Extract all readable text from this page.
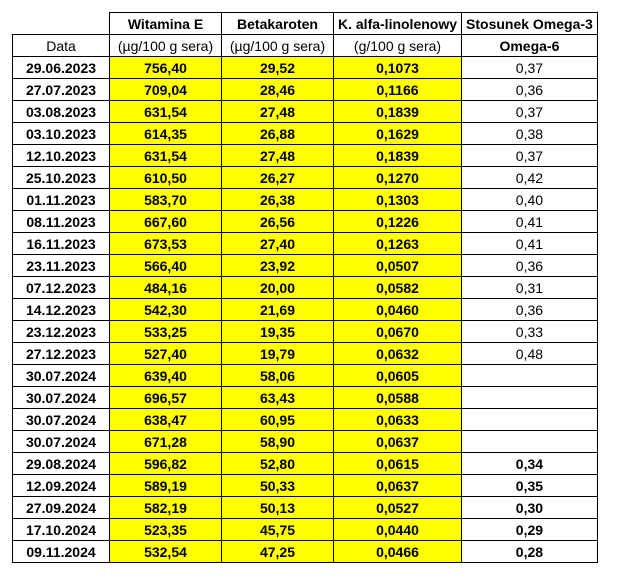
	Witamina E	Betakaroten	K. alfa-linolenowy	Stosunek Omega-3
Data	(µg/100 g sera)	(µg/100 g sera)	(g/100 g sera)	Omega-6
29.06.2023	756,40	29,52	0,1073	0,37
27.07.2023	709,04	28,46	0,1166	0,36
03.08.2023	631,54	27,48	0,1839	0,37
03.10.2023	614,35	26,88	0,1629	0,38
12.10.2023	631,54	27,48	0,1839	0,37
25.10.2023	610,50	26,27	0,1270	0,42
01.11.2023	583,70	26,38	0,1303	0,40
08.11.2023	667,60	26,56	0,1226	0,41
16.11.2023	673,53	27,40	0,1263	0,41
23.11.2023	566,40	23,92	0,0507	0,36
07.12.2023	484,16	20,00	0,0582	0,31
14.12.2023	542,30	21,69	0,0460	0,36
23.12.2023	533,25	19,35	0,0670	0,33
27.12.2023	527,40	19,79	0,0632	0,48
30.07.2024	639,40	58,06	0,0605	
30.07.2024	696,57	63,43	0,0588	
30.07.2024	638,47	60,95	0,0633	
30.07.2024	671,28	58,90	0,0637	
29.08.2024	596,82	52,80	0,0615	0,34
12.09.2024	589,19	50,33	0,0637	0,35
27.09.2024	582,19	50,13	0,0527	0,30
17.10.2024	523,35	45,75	0,0440	0,29
09.11.2024	532,54	47,25	0,0466	0,28
